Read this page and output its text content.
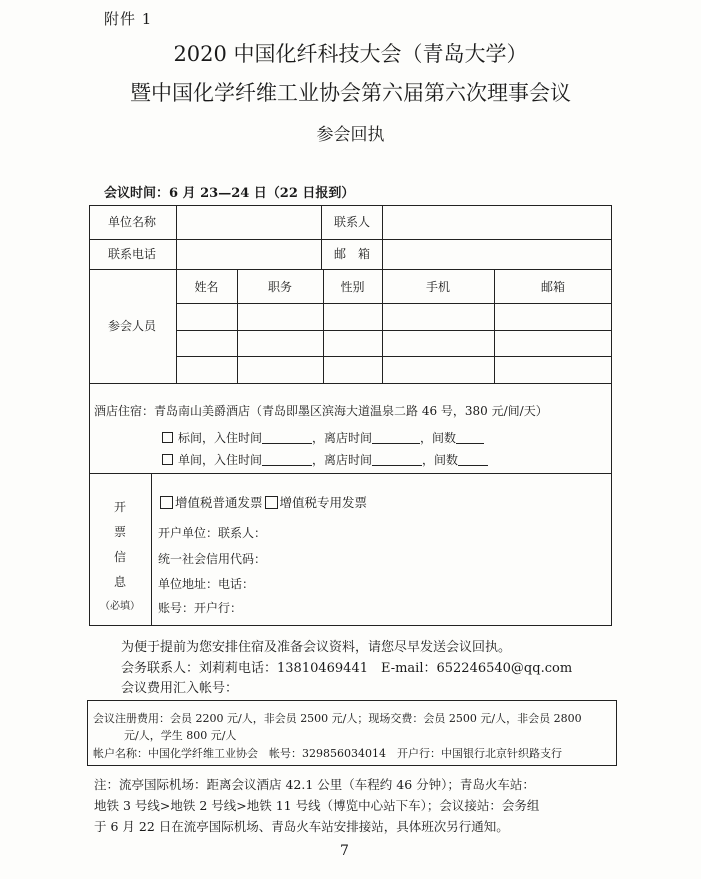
附件 1
2020 中国化纤科技大会（青岛大学）
暨中国化学纤维工业协会第六届第六次理事会议
参会回执
会议时间：6 月 23—24 日（22 日报到）
单位名称	联系人
联系电话	邮　箱
参会人员
姓名	职务	性别	手机	邮箱
酒店住宿：青岛南山美爵酒店（青岛即墨区滨海大道温泉二路 46 号，380 元/间/天）
标间，入住时间	，离店时间	，间数
单间，入住时间	，离店时间	，间数
开
票
信
息
（必填）
增值税普通发票 增值税专用发票
开户单位：联系人：
统一社会信用代码：
单位地址：电话：
账号：开户行：
为便于提前为您安排住宿及准备会议资料，请您尽早发送会议回执。
会务联系人：刘莉莉电话：13810469441　E-mail：652246540@qq.com
会议费用汇入帐号：
会议注册费用：会员 2200 元/人，非会员 2500 元/人；现场交费：会员 2500 元/人，非会员 2800
元/人，学生 800 元/人
帐户名称：中国化学纤维工业协会　帐号：329856034014　开户行：中国银行北京针织路支行
注：流亭国际机场：距离会议酒店 42.1 公里（车程约 46 分钟）；青岛火车站：
地铁 3 号线>地铁 2 号线>地铁 11 号线（博览中心站下车）；会议接站：会务组
于 6 月 22 日在流亭国际机场、青岛火车站安排接站，具体班次另行通知。
7
